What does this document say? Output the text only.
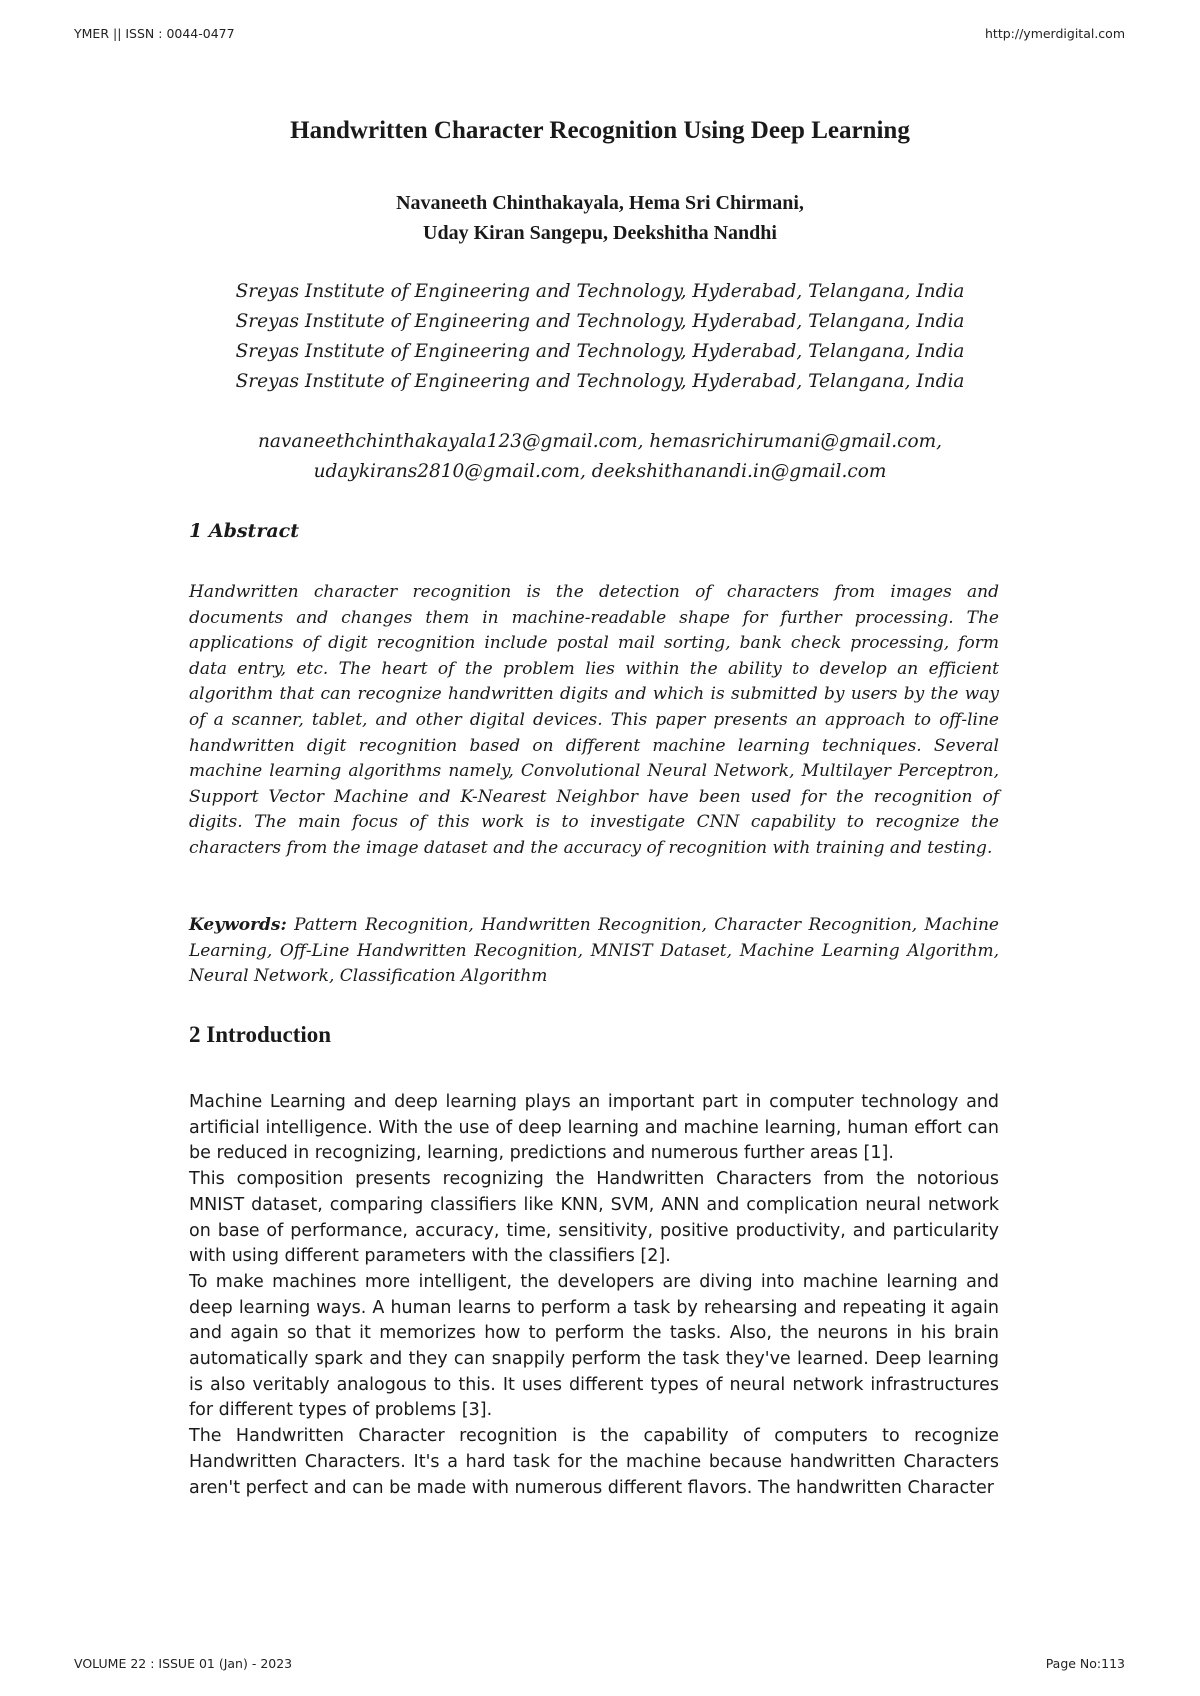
YMER || ISSN : 0044-0477	http://ymerdigital.com
Handwritten Character Recognition Using Deep Learning
Navaneeth Chinthakayala, Hema Sri Chirmani,
Uday Kiran Sangepu, Deekshitha Nandhi
Sreyas Institute of Engineering and Technology, Hyderabad, Telangana, India
Sreyas Institute of Engineering and Technology, Hyderabad, Telangana, India
Sreyas Institute of Engineering and Technology, Hyderabad, Telangana, India
Sreyas Institute of Engineering and Technology, Hyderabad, Telangana, India
navaneethchinthakayala123@gmail.com, hemasrichirumani@gmail.com,
udaykirans2810@gmail.com, deekshithanandi.in@gmail.com
1 Abstract

Handwritten character recognition is the detection of characters from images and documents and changes them in machine-readable shape for further processing. The applications of digit recognition include postal mail sorting, bank check processing, form data entry, etc. The heart of the problem lies within the ability to develop an efficient algorithm that can recognize handwritten digits and which is submitted by users by the way of a scanner, tablet, and other digital devices. This paper presents an approach to off-line handwritten digit recognition based on different machine learning techniques. Several machine learning algorithms namely, Convolutional Neural Network, Multilayer Perceptron, Support Vector Machine and K-Nearest Neighbor have been used for the recognition of digits. The main focus of this work is to investigate CNN capability to recognize the characters from the image dataset and the accuracy of recognition with training and testing.

Keywords: Pattern Recognition, Handwritten Recognition, Character Recognition, Machine Learning, Off-Line Handwritten Recognition, MNIST Dataset, Machine Learning Algorithm, Neural Network, Classification Algorithm

2 Introduction

Machine Learning and deep learning plays an important part in computer technology and artificial intelligence. With the use of deep learning and machine learning, human effort can be reduced in recognizing, learning, predictions and numerous further areas [1].

This composition presents recognizing the Handwritten Characters from the notorious MNIST dataset, comparing classifiers like KNN, SVM, ANN and complication neural network on base of performance, accuracy, time, sensitivity, positive productivity, and particularity with using different parameters with the classifiers [2].

To make machines more intelligent, the developers are diving into machine learning and deep learning ways. A human learns to perform a task by rehearsing and repeating it again and again so that it memorizes how to perform the tasks. Also, the neurons in his brain automatically spark and they can snappily perform the task they've learned. Deep learning is also veritably analogous to this. It uses different types of neural network infrastructures for different types of problems [3].

The Handwritten Character recognition is the capability of computers to recognize Handwritten Characters. It's a hard task for the machine because handwritten Characters aren't perfect and can be made with numerous different flavors. The handwritten Character

VOLUME 22 : ISSUE 01 (Jan) - 2023	Page No:113
